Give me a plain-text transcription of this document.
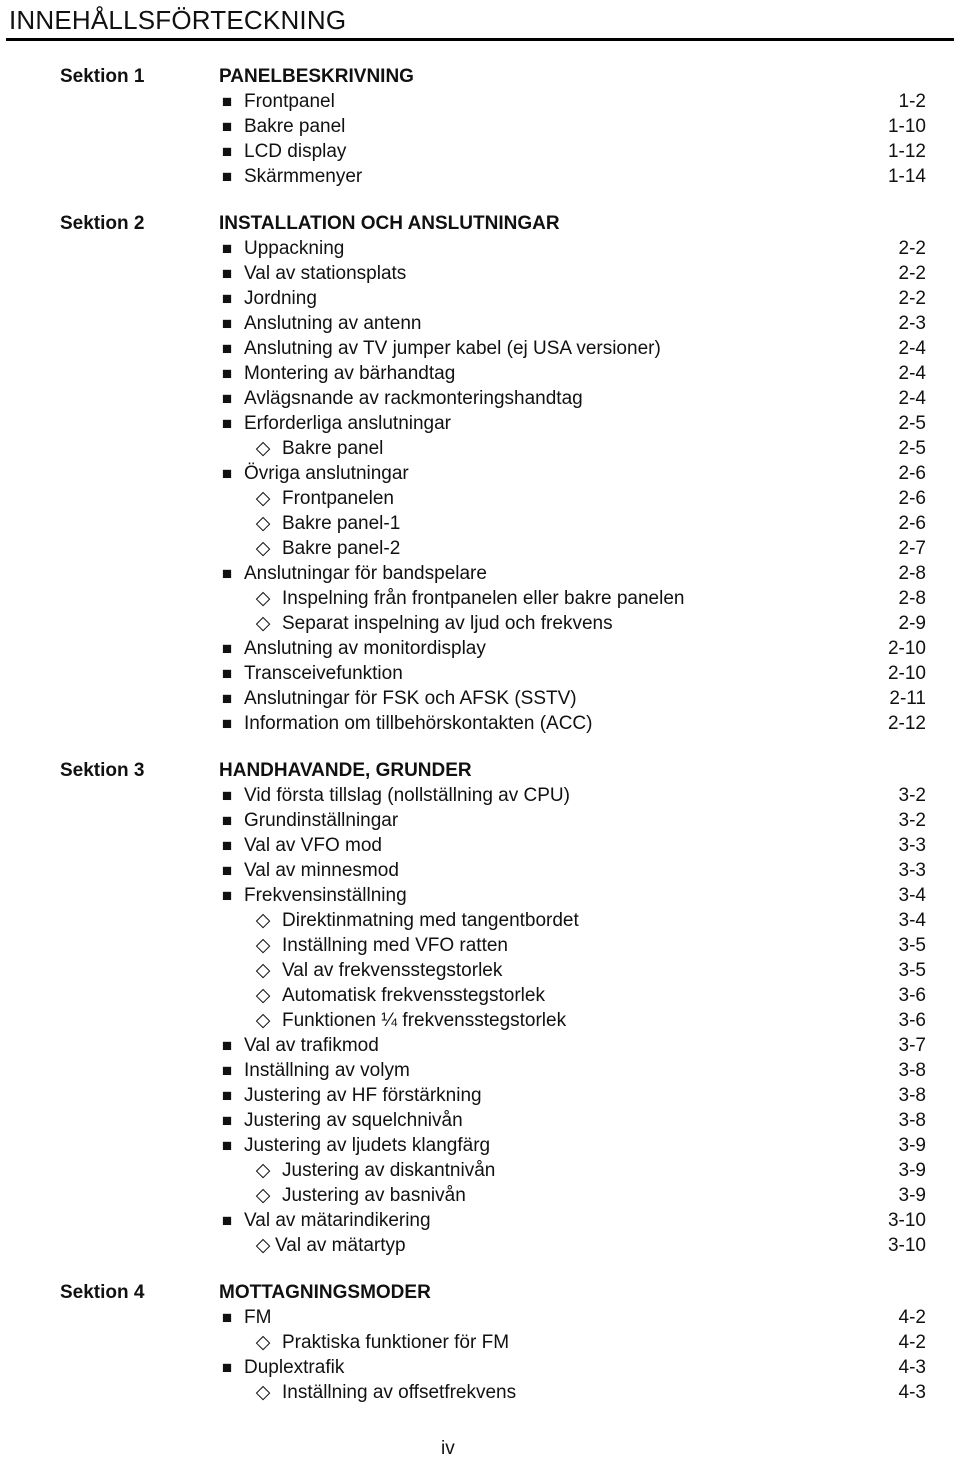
INNEHÅLLSFÖRTECKNING
Sektion 1	PANELBESKRIVNING
■ Frontpanel	1-2
■ Bakre panel	1-10
■ LCD display	1-12
■ Skärmmenyer	1-14
Sektion 2	INSTALLATION OCH ANSLUTNINGAR
■ Uppackning	2-2
■ Val av stationsplats	2-2
■ Jordning	2-2
■ Anslutning av antenn	2-3
■ Anslutning av TV jumper kabel (ej USA versioner)	2-4
■ Montering av bärhandtag	2-4
■ Avlägsnande av rackmonteringshandtag	2-4
■ Erforderliga anslutningar	2-5
◇ Bakre panel	2-5
■ Övriga anslutningar	2-6
◇ Frontpanelen	2-6
◇ Bakre panel-1	2-6
◇ Bakre panel-2	2-7
■ Anslutningar för bandspelare	2-8
◇ Inspelning från frontpanelen eller bakre panelen	2-8
◇ Separat inspelning av ljud och frekvens	2-9
■ Anslutning av monitordisplay	2-10
■ Transceivefunktion	2-10
■ Anslutningar för FSK och AFSK (SSTV)	2-11
■ Information om tillbehörskontakten (ACC)	2-12
Sektion 3	HANDHAVANDE, GRUNDER
■ Vid första tillslag (nollställning av CPU)	3-2
■ Grundinställningar	3-2
■ Val av VFO mod	3-3
■ Val av minnesmod	3-3
■ Frekvensinställning	3-4
◇ Direktinmatning med tangentbordet	3-4
◇ Inställning med VFO ratten	3-5
◇ Val av frekvensstegstorlek	3-5
◇ Automatisk frekvensstegstorlek	3-6
◇ Funktionen ¼ frekvensstegstorlek	3-6
■ Val av trafikmod	3-7
■ Inställning av volym	3-8
■ Justering av HF förstärkning	3-8
■ Justering av squelchnivån	3-8
■ Justering av ljudets klangfärg	3-9
◇ Justering av diskantnivån	3-9
◇ Justering av basnivån	3-9
■ Val av mätarindikering	3-10
◇ Val av mätartyp	3-10
Sektion 4	MOTTAGNINGSMODER
■ FM	4-2
◇ Praktiska funktioner för FM	4-2
■ Duplextrafik	4-3
◇ Inställning av offsetfrekvens	4-3
iv
